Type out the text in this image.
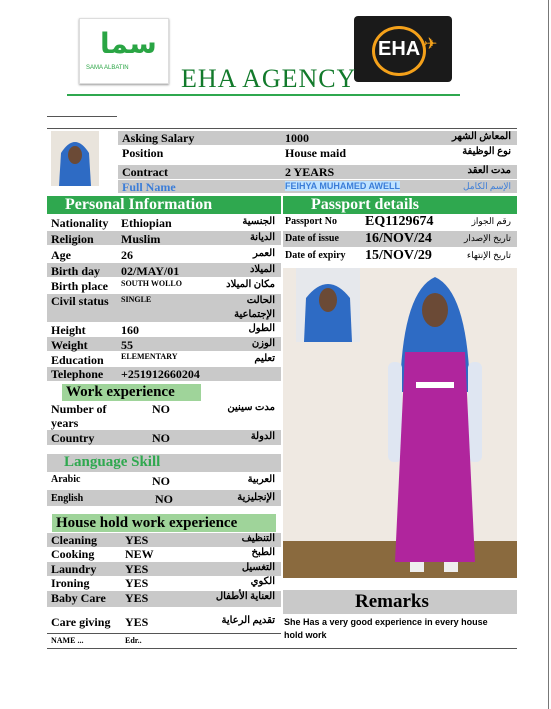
سما
SAMA ALBATIN
EHA ✈
EHA AGENCY
Asking Salary	1000	المعاش الشهر
Position	House maid	نوع الوظيفة
Contract	2 YEARS	مدت العقد
Full Name	FEIHYA MUHAMED AWELL	الإسم الكامل
Personal Information	Passport details
Nationality Ethiopian	الجنسية
Religion Muslim	الديانة
Age	26	العمر
Birth day 02/MAY/01	الميلاد
Birth place SOUTH WOLLO	مكان الميلاد
Civil status	SINGLE	الحالت الإجتماعية
Height	160	الطول
Weight	55	الوزن
Education ELEMENTARY	تعليم
Telephone +251912660204
Passport No EQ1129674	رقم الجواز
Date of issue 16/NOV/24	تاريخ الإصدار
Date of expiry 15/NOV/29	تاريخ الإنتهاء
Work experience
Number of years
NO	مدت سينين
Country	NO	الدولة
Language Skill
Arabic	NO	العربية
English	NO	الإنجليزية
House hold work experience
Cleaning YES	التنظيف
Cooking	NEW	الطبخ
Laundry YES	التغسيل
Ironing	YES	الكوي
Baby Care YES	العناية الأطفال
Care giving YES	تقديم الرعاية
Remarks
She Has a very good experience in every house hold work
NAME ...	Edr..
